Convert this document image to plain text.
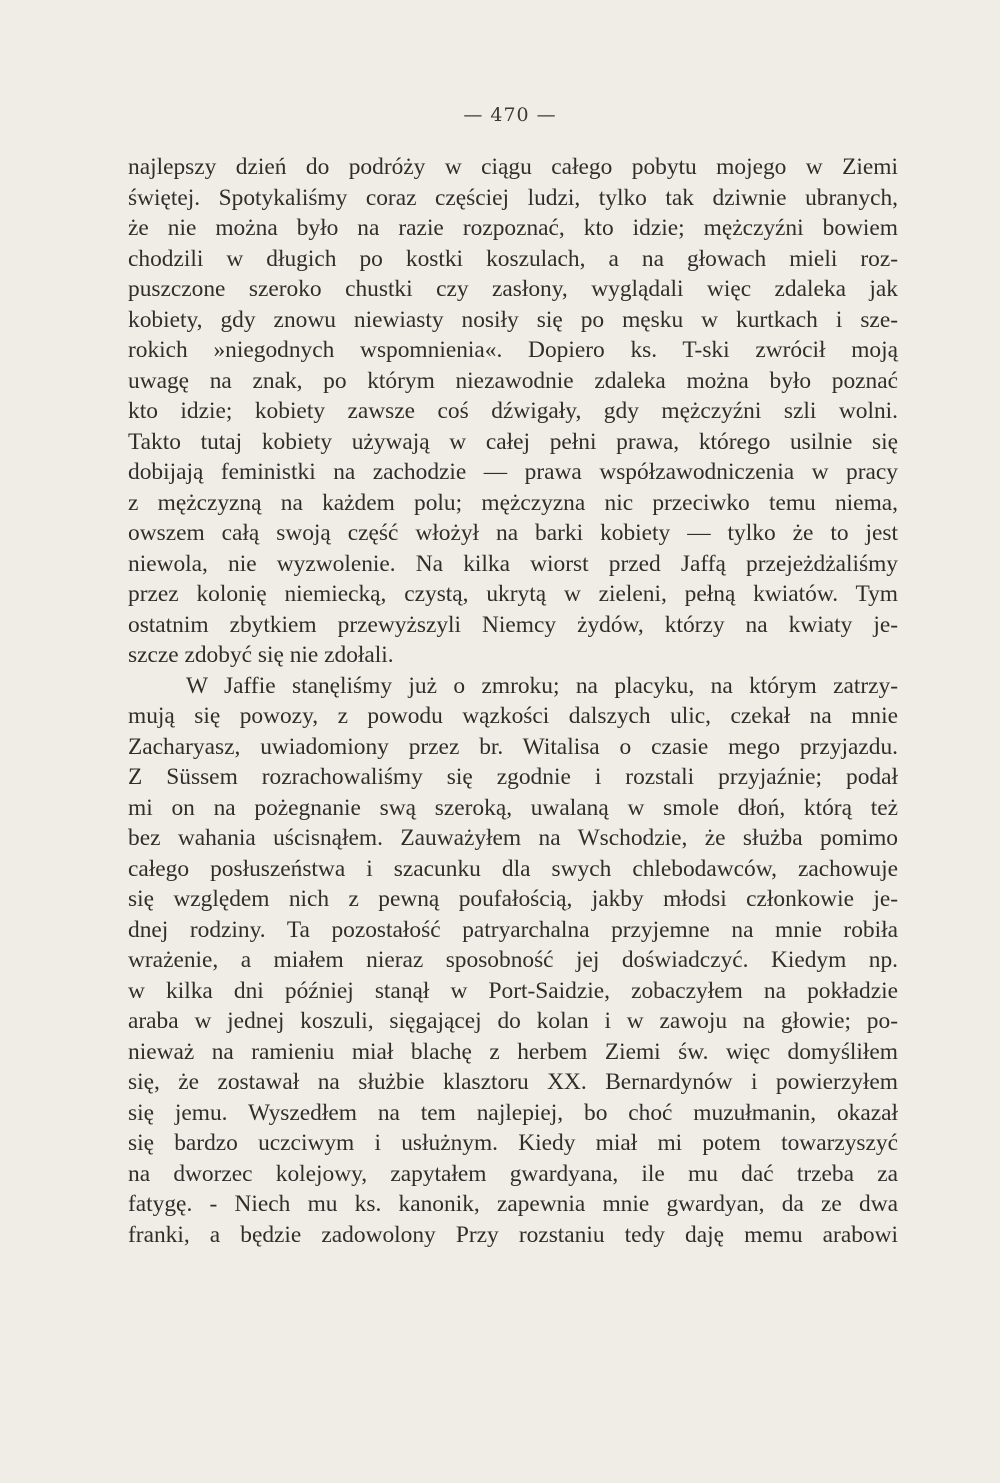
— 470 —
najlepszy dzień do podróży w ciągu całego pobytu mojego w Ziemi
świętej. Spotykaliśmy coraz częściej ludzi, tylko tak dziwnie ubranych,
że nie można było na razie rozpoznać, kto idzie; mężczyźni bowiem
chodzili w długich po kostki koszulach, a na głowach mieli roz-
puszczone szeroko chustki czy zasłony, wyglądali więc zdaleka jak
kobiety, gdy znowu niewiasty nosiły się po męsku w kurtkach i sze-
rokich »niegodnych wspomnienia«. Dopiero ks. T-ski zwrócił moją
uwagę na znak, po którym niezawodnie zdaleka można było poznać
kto idzie; kobiety zawsze coś dźwigały, gdy mężczyźni szli wolni.
Takto tutaj kobiety używają w całej pełni prawa, którego usilnie się
dobijają feministki na zachodzie — prawa współzawodniczenia w pracy
z mężczyzną na każdem polu; mężczyzna nic przeciwko temu niema,
owszem całą swoją część włożył na barki kobiety — tylko że to jest
niewola, nie wyzwolenie. Na kilka wiorst przed Jaffą przejeżdżaliśmy
przez kolonię niemiecką, czystą, ukrytą w zieleni, pełną kwiatów. Tym
ostatnim zbytkiem przewyższyli Niemcy żydów, którzy na kwiaty je-
szcze zdobyć się nie zdołali.
W Jaffie stanęliśmy już o zmroku; na placyku, na którym zatrzy-
mują się powozy, z powodu wązkości dalszych ulic, czekał na mnie
Zacharyasz, uwiadomiony przez br. Witalisa o czasie mego przyjazdu.
Z Süssem rozrachowaliśmy się zgodnie i rozstali przyjaźnie; podał
mi on na pożegnanie swą szeroką, uwalaną w smole dłoń, którą też
bez wahania uścisnąłem. Zauważyłem na Wschodzie, że służba pomimo
całego posłuszeństwa i szacunku dla swych chlebodawców, zachowuje
się względem nich z pewną poufałością, jakby młodsi członkowie je-
dnej rodziny. Ta pozostałość patryarchalna przyjemne na mnie robiła
wrażenie, a miałem nieraz sposobność jej doświadczyć. Kiedym np.
w kilka dni później stanął w Port-Saidzie, zobaczyłem na pokładzie
araba w jednej koszuli, sięgającej do kolan i w zawoju na głowie; po-
nieważ na ramieniu miał blachę z herbem Ziemi św. więc domyśliłem
się, że zostawał na służbie klasztoru XX. Bernardynów i powierzyłem
się jemu. Wyszedłem na tem najlepiej, bo choć muzułmanin, okazał
się bardzo uczciwym i usłużnym. Kiedy miał mi potem towarzyszyć
na dworzec kolejowy, zapytałem gwardyana, ile mu dać trzeba za
fatygę. - Niech mu ks. kanonik, zapewnia mnie gwardyan, da ze dwa
franki, a będzie zadowolony Przy rozstaniu tedy daję memu arabowi
